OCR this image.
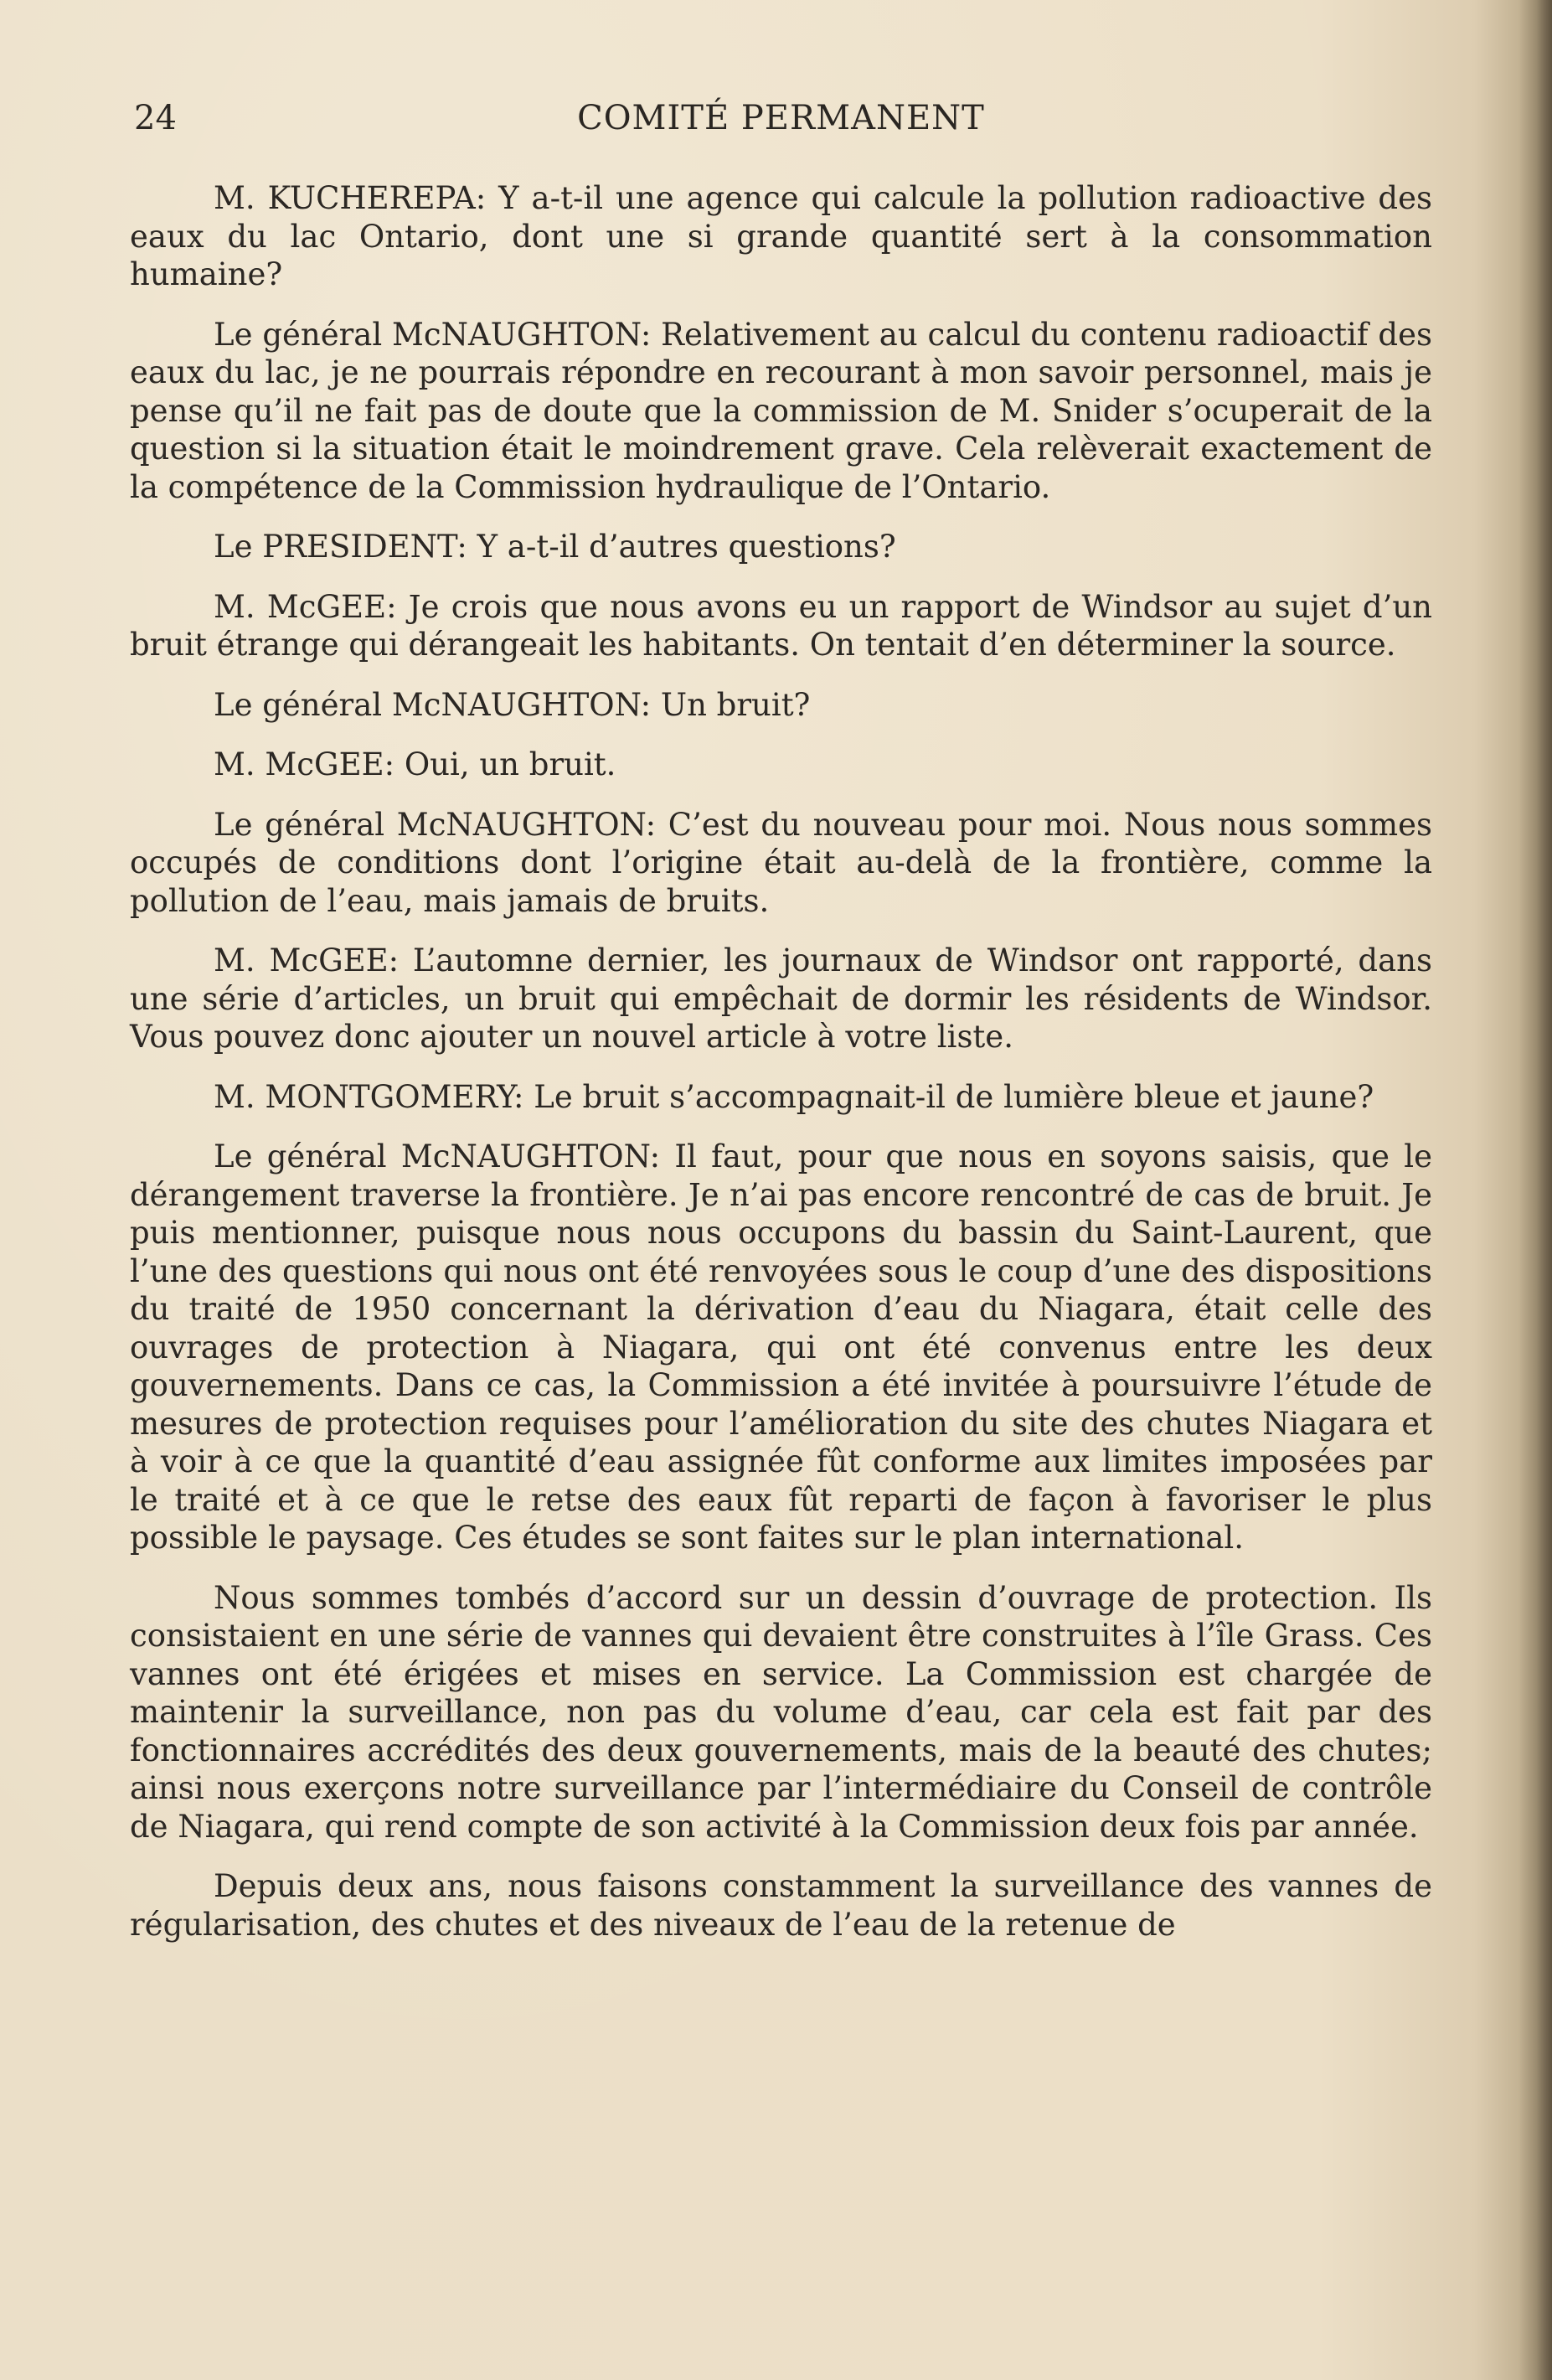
24	COMITÉ PERMANENT

M. KUCHEREPA: Y a-t-il une agence qui calcule la pollution radioactive des eaux du lac Ontario, dont une si grande quantité sert à la consommation humaine?

Le général McNAUGHTON: Relativement au calcul du contenu radioactif des eaux du lac, je ne pourrais répondre en recourant à mon savoir personnel, mais je pense qu’il ne fait pas de doute que la commission de M. Snider s’ocuperait de la question si la situation était le moindrement grave. Cela relèverait exactement de la compétence de la Commission hydraulique de l’Ontario.

Le PRESIDENT: Y a-t-il d’autres questions?

M. McGEE: Je crois que nous avons eu un rapport de Windsor au sujet d’un bruit étrange qui dérangeait les habitants. On tentait d’en déterminer la source.

Le général McNAUGHTON: Un bruit?

M. McGEE: Oui, un bruit.

Le général McNAUGHTON: C’est du nouveau pour moi. Nous nous sommes occupés de conditions dont l’origine était au-delà de la frontière, comme la pollution de l’eau, mais jamais de bruits.

M. McGEE: L’automne dernier, les journaux de Windsor ont rapporté, dans une série d’articles, un bruit qui empêchait de dormir les résidents de Windsor. Vous pouvez donc ajouter un nouvel article à votre liste.

M. MONTGOMERY: Le bruit s’accompagnait-il de lumière bleue et jaune?

Le général McNAUGHTON: Il faut, pour que nous en soyons saisis, que le dérangement traverse la frontière. Je n’ai pas encore rencontré de cas de bruit. Je puis mentionner, puisque nous nous occupons du bassin du Saint-Laurent, que l’une des questions qui nous ont été renvoyées sous le coup d’une des dispositions du traité de 1950 concernant la dérivation d’eau du Niagara, était celle des ouvrages de protection à Niagara, qui ont été convenus entre les deux gouvernements. Dans ce cas, la Commission a été invitée à poursuivre l’étude de mesures de protection requises pour l’amélioration du site des chutes Niagara et à voir à ce que la quantité d’eau assignée fût conforme aux limites imposées par le traité et à ce que le retse des eaux fût reparti de façon à favoriser le plus possible le paysage. Ces études se sont faites sur le plan international.

Nous sommes tombés d’accord sur un dessin d’ouvrage de protection. Ils consistaient en une série de vannes qui devaient être construites à l’île Grass. Ces vannes ont été érigées et mises en service. La Commission est chargée de maintenir la surveillance, non pas du volume d’eau, car cela est fait par des fonctionnaires accrédités des deux gouvernements, mais de la beauté des chutes; ainsi nous exerçons notre surveillance par l’intermédiaire du Conseil de contrôle de Niagara, qui rend compte de son activité à la Commission deux fois par année.

Depuis deux ans, nous faisons constamment la surveillance des vannes de régularisation, des chutes et des niveaux de l’eau de la retenue de
